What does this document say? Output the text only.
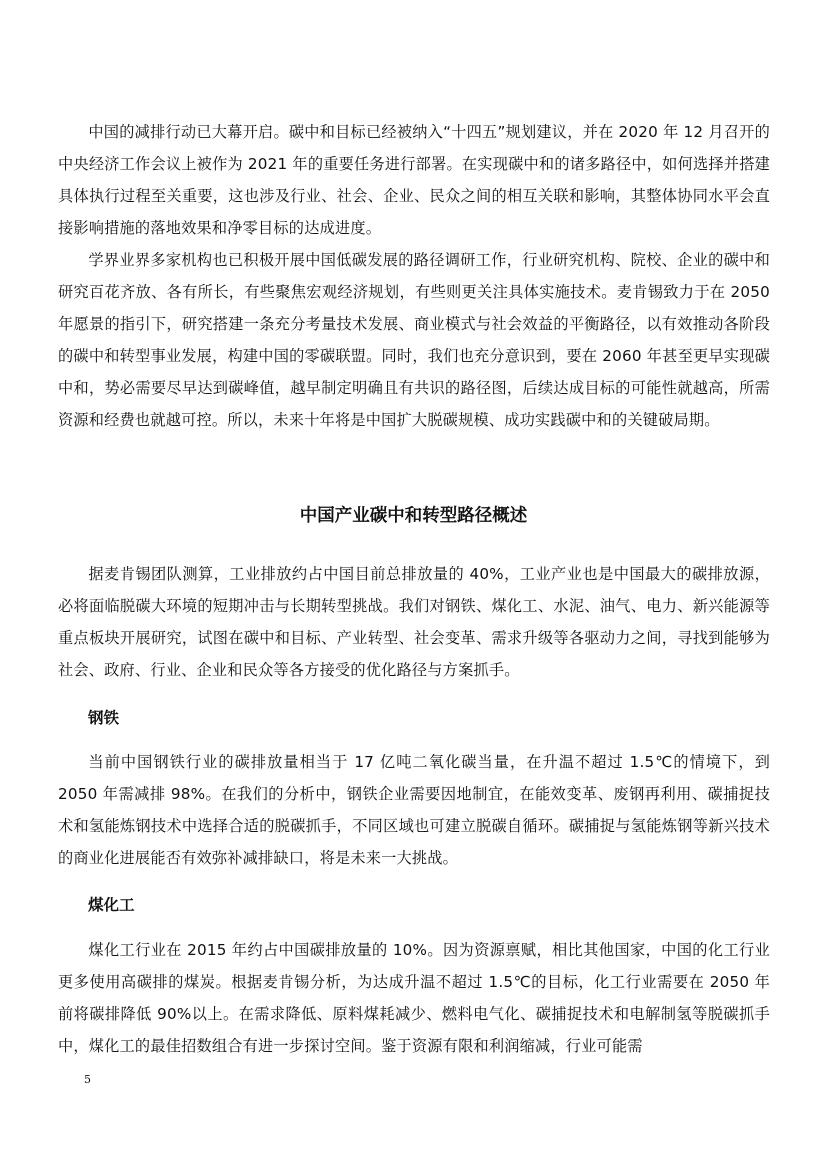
中国的减排行动已大幕开启。碳中和目标已经被纳入“十四五”规划建议，并在 2020 年 12 月召开的中央经济工作会议上被作为 2021 年的重要任务进行部署。在实现碳中和的诸多路径中，如何选择并搭建具体执行过程至关重要，这也涉及行业、社会、企业、民众之间的相互关联和影响，其整体协同水平会直接影响措施的落地效果和净零目标的达成进度。

学界业界多家机构也已积极开展中国低碳发展的路径调研工作，行业研究机构、院校、企业的碳中和研究百花齐放、各有所长，有些聚焦宏观经济规划，有些则更关注具体实施技术。麦肯锡致力于在 2050 年愿景的指引下，研究搭建一条充分考量技术发展、商业模式与社会效益的平衡路径，以有效推动各阶段的碳中和转型事业发展，构建中国的零碳联盟。同时，我们也充分意识到，要在 2060 年甚至更早实现碳中和，势必需要尽早达到碳峰值，越早制定明确且有共识的路径图，后续达成目标的可能性就越高，所需资源和经费也就越可控。所以，未来十年将是中国扩大脱碳规模、成功实践碳中和的关键破局期。

中国产业碳中和转型路径概述

据麦肯锡团队测算，工业排放约占中国目前总排放量的 40%，工业产业也是中国最大的碳排放源，必将面临脱碳大环境的短期冲击与长期转型挑战。我们对钢铁、煤化工、水泥、油气、电力、新兴能源等重点板块开展研究，试图在碳中和目标、产业转型、社会变革、需求升级等各驱动力之间，寻找到能够为社会、政府、行业、企业和民众等各方接受的优化路径与方案抓手。

钢铁

当前中国钢铁行业的碳排放量相当于 17 亿吨二氧化碳当量，在升温不超过 1.5℃的情境下，到 2050 年需减排 98%。在我们的分析中，钢铁企业需要因地制宜，在能效变革、废钢再利用、碳捕捉技术和氢能炼钢技术中选择合适的脱碳抓手，不同区域也可建立脱碳自循环。碳捕捉与氢能炼钢等新兴技术的商业化进展能否有效弥补减排缺口，将是未来一大挑战。

煤化工

煤化工行业在 2015 年约占中国碳排放量的 10%。因为资源禀赋，相比其他国家，中国的化工行业更多使用高碳排的煤炭。根据麦肯锡分析，为达成升温不超过 1.5℃的目标，化工行业需要在 2050 年前将碳排降低 90%以上。在需求降低、原料煤耗减少、燃料电气化、碳捕捉技术和电解制氢等脱碳抓手中，煤化工的最佳招数组合有进一步探讨空间。鉴于资源有限和利润缩减，行业可能需

5
